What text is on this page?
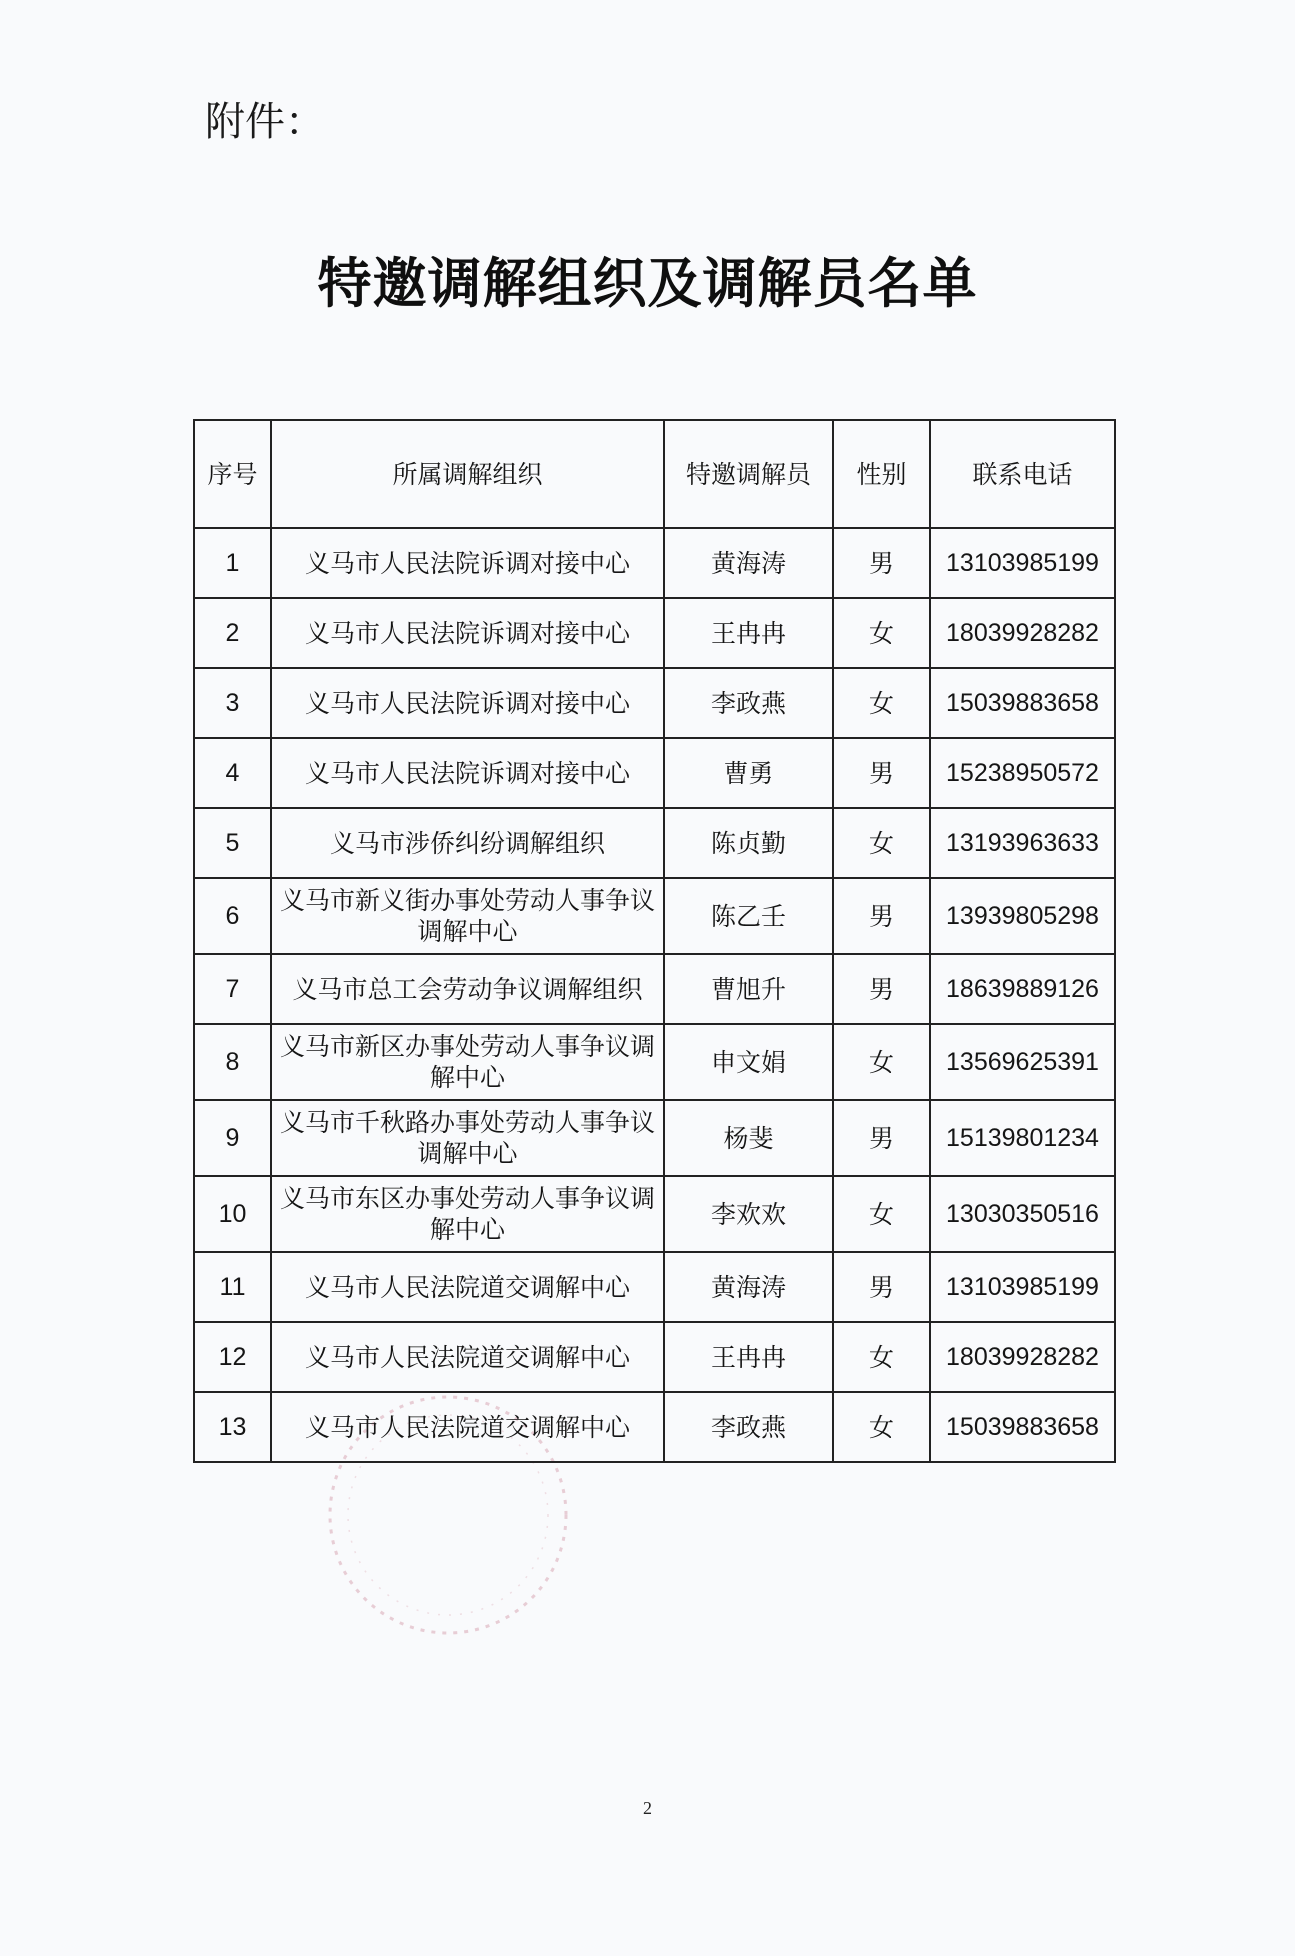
附件：
特邀调解组织及调解员名单
序号	所属调解组织	特邀调解员	性别	联系电话
1	义马市人民法院诉调对接中心	黄海涛	男	13103985199
2	义马市人民法院诉调对接中心	王冉冉	女	18039928282
3	义马市人民法院诉调对接中心	李政燕	女	15039883658
4	义马市人民法院诉调对接中心	曹勇	男	15238950572
5	义马市涉侨纠纷调解组织	陈贞勤	女	13193963633
6	义马市新义街办事处劳动人事争议调解中心	陈乙壬	男	13939805298
7	义马市总工会劳动争议调解组织	曹旭升	男	18639889126
8	义马市新区办事处劳动人事争议调解中心	申文娟	女	13569625391
9	义马市千秋路办事处劳动人事争议调解中心	杨斐	男	15139801234
10	义马市东区办事处劳动人事争议调解中心	李欢欢	女	13030350516
11	义马市人民法院道交调解中心	黄海涛	男	13103985199
12	义马市人民法院道交调解中心	王冉冉	女	18039928282
13	义马市人民法院道交调解中心	李政燕	女	15039883658
2
